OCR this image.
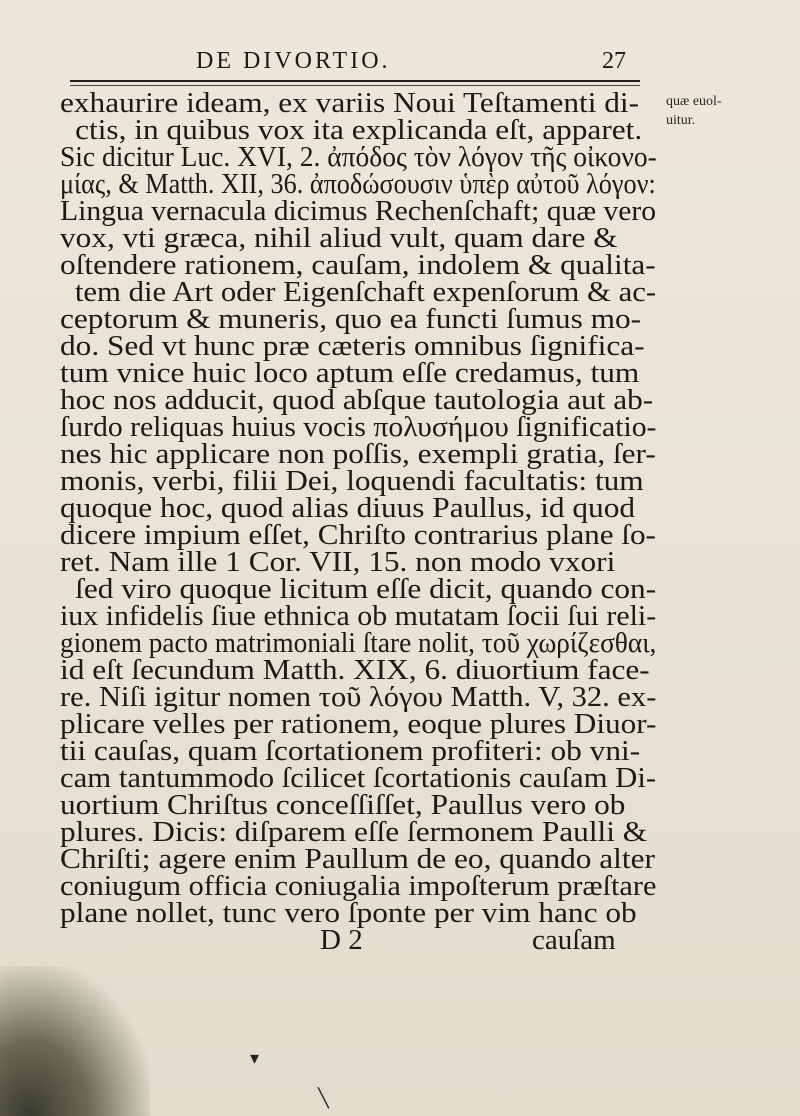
DE DIVORTIO.	27
exhaurire ideam, ex variis Noui Teſtamenti di-
ctis, in quibus vox ita explicanda eſt, apparet.
Sic dicitur Luc. XVI, 2. ἀπόδος τὸν λόγον τῆς οἰκονο-
μίας, & Matth. XII, 36. ἀποδώσουσιν ὑπὲρ αὐτοῦ λόγον:
Lingua vernacula dicimus Rechenſchaft; quæ vero
vox, vti græca, nihil aliud vult, quam dare &
oſtendere rationem, cauſam, indolem & qualita-
tem die Art oder Eigenſchaft expenſorum & ac-
ceptorum & muneris, quo ea functi ſumus mo-
do. Sed vt hunc præ cæteris omnibus ſignifica-
tum vnice huic loco aptum eſſe credamus, tum
hoc nos adducit, quod abſque tautologia aut ab-
ſurdo reliquas huius vocis πολυσήμου ſignificatio-
nes hic applicare non poſſis, exempli gratia, ſer-
monis, verbi, filii Dei, loquendi facultatis: tum
quoque hoc, quod alias diuus Paullus, id quod
dicere impium eſſet, Chriſto contrarius plane ſo-
ret. Nam ille 1 Cor. VII, 15. non modo vxori
ſed viro quoque licitum eſſe dicit, quando con-
iux infidelis ſiue ethnica ob mutatam ſocii ſui reli-
gionem pacto matrimoniali ſtare nolit, τοῦ χωρίζεσθαι,
id eſt ſecundum Matth. XIX, 6. diuortium face-
re. Niſi igitur nomen τοῦ λόγου Matth. V, 32. ex-
plicare velles per rationem, eoque plures Diuor-
tii cauſas, quam ſcortationem profiteri: ob vni-
cam tantummodo ſcilicet ſcortationis cauſam Di-
uortium Chriſtus conceſſiſſet, Paullus vero ob
plures. Dicis: diſparem eſſe ſermonem Paulli &
Chriſti; agere enim Paullum de eo, quando alter
coniugum officia coniugalia impoſterum præſtare
plane nollet, tunc vero ſponte per vim hanc ob
D 2	cauſam
quæ euol-
uitur.
▾
╲
